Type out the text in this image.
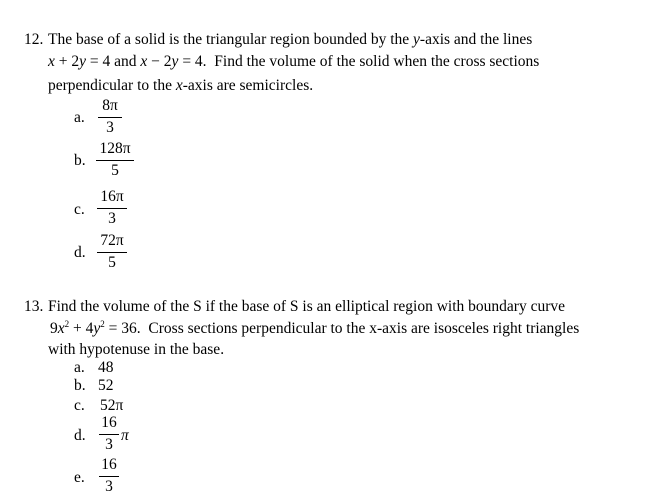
12. The base of a solid is the triangular region bounded by the y-axis and the lines
x + 2y = 4 and x − 2y = 4.  Find the volume of the solid when the cross sections
perpendicular to the x-axis are semicircles.
a.
8π
3
b.
128π
5
c.
16π
3
d.
72π
5
13. Find the volume of the S if the base of S is an elliptical region with boundary curve
$9x^2 + 4y^2 = 36$.  Cross sections perpendicular to the x-axis are isosceles right triangles
with hypotenuse in the base.
a. 48
b. 52
c. 52π
d.
16
3
π
e.
16
3
